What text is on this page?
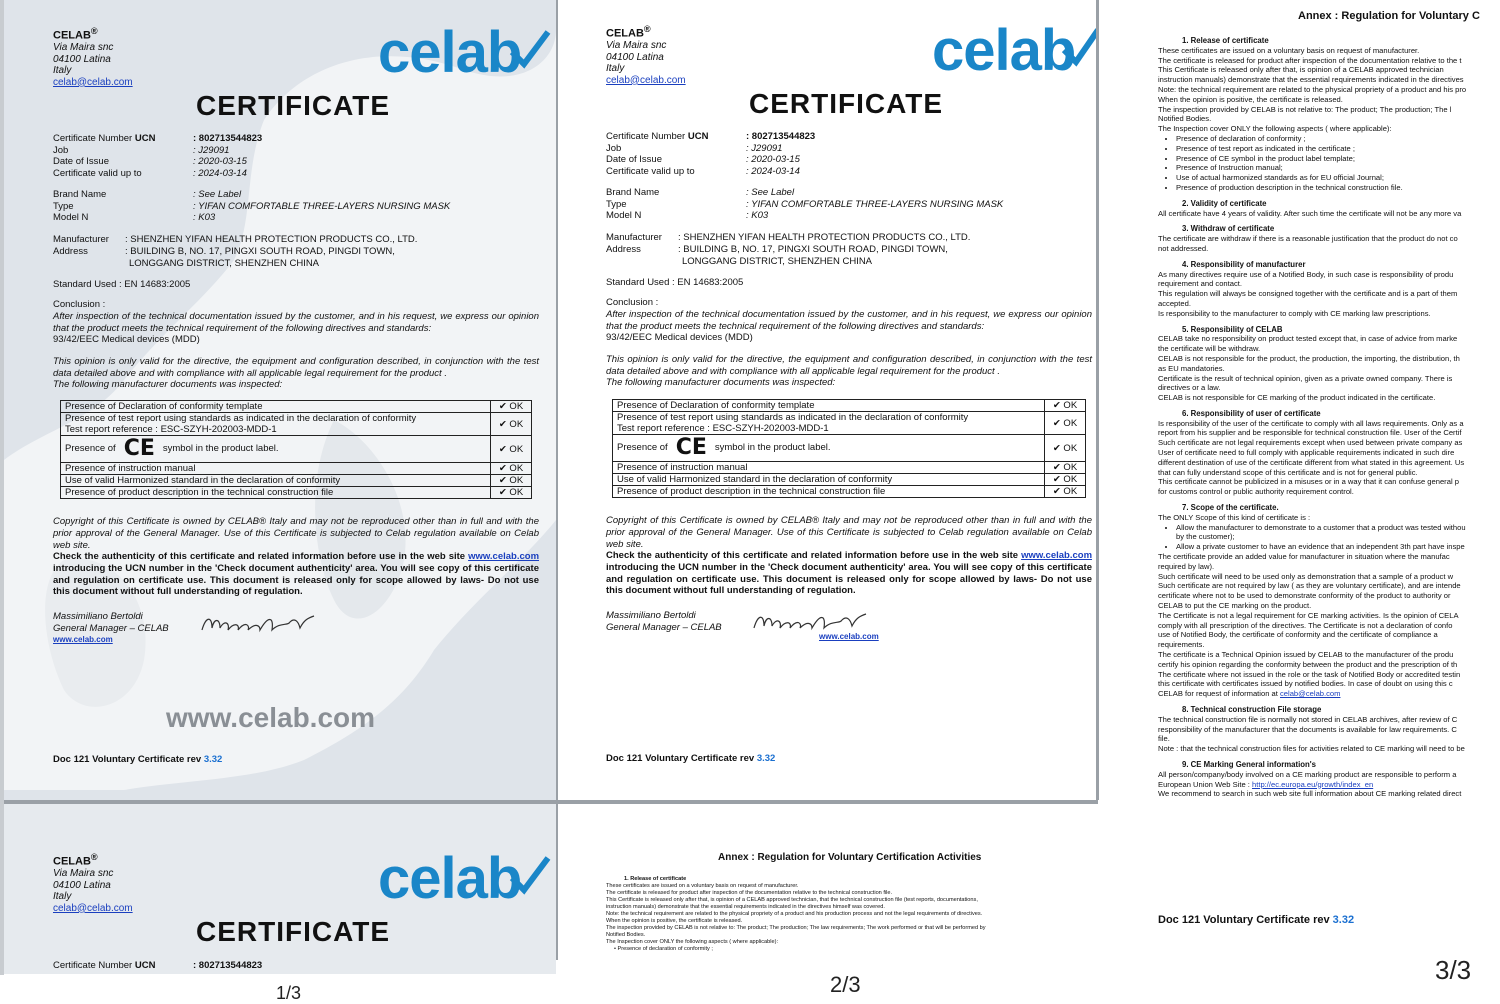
CELAB®
Via Maira snc
04100 Latina
Italy
celab@celab.com	celab
CERTIFICATE
Certificate Number UCN	: 802713544823
Job	: J29091
Date of Issue	: 2020-03-15
Certificate valid up to	: 2024-03-14
Brand Name	: See Label
Type	: YIFAN COMFORTABLE THREE-LAYERS NURSING MASK
Model N	: K03
Manufacturer	: SHENZHEN YIFAN HEALTH PROTECTION PRODUCTS CO., LTD.
Address	: BUILDING B, NO. 17, PINGXI SOUTH ROAD, PINGDI TOWN,
LONGGANG DISTRICT, SHENZHEN CHINA
Standard Used : EN 14683:2005
Conclusion :
After inspection of the technical documentation issued by the customer, and in his request, we express our opinion that the product meets the technical requirement of the following directives and standards:
93/42/EEC Medical devices (MDD)
This opinion is only valid for the directive, the equipment and configuration described, in conjunction with the test data detailed above and with compliance with all applicable legal requirement for the product .
The following manufacturer documents was inspected:
Presence of Declaration of conformity template	✔ OK

Presence of test report using standards as indicated in the declaration of conformity
Test report reference : ESC-SZYH-202003-MDD-1	✔ OK
Presence of CE symbol in the product label.	✔ OK
Presence of instruction manual	✔ OK
Use of valid Harmonized standard in the declaration of conformity	✔ OK
Presence of product description in the technical construction file	✔ OK
Copyright of this Certificate is owned by CELAB® Italy and may not be reproduced other than in full and with the prior approval of the General Manager. Use of this Certificate is subjected to Celab regulation available on Celab web site.
Check the authenticity of this certificate and related information before use in the web site www.celab.com introducing the UCN number in the 'Check document authenticity' area. You will see copy of this certificate and regulation on certificate use. This document is released only for scope allowed by laws- Do not use this document without full understanding of regulation.
Massimiliano Bertoldi
General Manager – CELAB
www.celab.com
www.celab.com
Doc 121 Voluntary Certificate rev 3.32
CELAB®
Via Maira snc
04100 Latina
Italy
celab@celab.com	celab
CERTIFICATE
Certificate Number UCN	: 802713544823
Job	: J29091
Date of Issue	: 2020-03-15
Certificate valid up to	: 2024-03-14
Brand Name	: See Label
Type	: YIFAN COMFORTABLE THREE-LAYERS NURSING MASK
Model N	: K03
Manufacturer	: SHENZHEN YIFAN HEALTH PROTECTION PRODUCTS CO., LTD.
Address	: BUILDING B, NO. 17, PINGXI SOUTH ROAD, PINGDI TOWN,
LONGGANG DISTRICT, SHENZHEN CHINA
Standard Used : EN 14683:2005
Conclusion :
After inspection of the technical documentation issued by the customer, and in his request, we express our opinion that the product meets the technical requirement of the following directives and standards:
93/42/EEC Medical devices (MDD)
This opinion is only valid for the directive, the equipment and configuration described, in conjunction with the test data detailed above and with compliance with all applicable legal requirement for the product .
The following manufacturer documents was inspected:
Presence of Declaration of conformity template	✔ OK

Presence of test report using standards as indicated in the declaration of conformity
Test report reference : ESC-SZYH-202003-MDD-1	✔ OK
Presence of CE symbol in the product label.	✔ OK
Presence of instruction manual	✔ OK
Use of valid Harmonized standard in the declaration of conformity	✔ OK
Presence of product description in the technical construction file	✔ OK
Copyright of this Certificate is owned by CELAB® Italy and may not be reproduced other than in full and with the prior approval of the General Manager. Use of this Certificate is subjected to Celab regulation available on Celab web site.
Check the authenticity of this certificate and related information before use in the web site www.celab.com introducing the UCN number in the 'Check document authenticity' area. You will see copy of this certificate and regulation on certificate use. This document is released only for scope allowed by laws- Do not use this document without full understanding of regulation.
Massimiliano Bertoldi
General Manager – CELAB
www.celab.com
Doc 121 Voluntary Certificate rev 3.32
Annex : Regulation for Voluntary C
1. Release of certificate

These certificates are issued on a voluntary basis on request of manufacturer.

The certificate is released for product after inspection of the documentation relative to the t

This Certificate is released only after that, is opinion of a CELAB approved technician

instruction manuals) demonstrate that the essential requirements indicated in the directives

Note: the technical requirement are related to the physical propriety of a product and his pro

When the opinion is positive, the certificate is released.

The inspection provided by CELAB is not relative to: The product; The production; The l

Notified Bodies.

The Inspection cover ONLY the following aspects ( where applicable):

• Presence of declaration of conformity ;
• Presence of test report as indicated in the certificate ;
• Presence of CE symbol in the product label template;
• Presence of Instruction manual;
• Use of actual harmonized standards as for EU official Journal;
• Presence of production description in the technical construction file.
2. Validity of certificate

All certificate have 4 years of validity. After such time the certificate will not be any more va

3. Withdraw of certificate

The certificate are withdraw if there is a reasonable justification that the product do not co

not addressed.

4. Responsibility of manufacturer

As many directives require use of a Notified Body, in such case is responsibility of produ

requirement and contact.

This regulation will always be consigned together with the certificate and is a part of them

accepted.

Is responsibility to the manufacturer to comply with CE marking law prescriptions.

5. Responsibility of CELAB

CELAB take no responsibility on product tested except that, in case of advice from marke

the certificate will be withdraw.

CELAB is not responsible for the product, the production, the importing, the distribution, th

as EU mandatories.

Certificate is the result of technical opinion, given as a private owned company. There is

directives or a law.

CELAB is not responsible for CE marking of the product indicated in the certificate.

6. Responsibility of user of certificate

Is responsibility of the user of the certificate to comply with all laws requirements. Only as a

report from his supplier and be responsible for technical construction file. User of the Certif

Such certificate are not legal requirements except when used between private company as

User of certificate need to full comply with applicable requirements indicated in such dire

different destination of use of the certificate different from what stated in this agreement. Us

that can fully understand scope of this certificate and is not for general public.

This certificate cannot be publicized in a misuses or in a way that it can confuse general p

for customs control or public authority requirement control.

7. Scope of the certificate.

The ONLY Scope of this kind of certificate is :

• Allow the manufacturer to demonstrate to a customer that a product was tested withou
by the customer);
• Allow a private customer to have an evidence that an independent 3th part have inspe

The certificate provide an added value for manufacturer in situation where the manufac

required by law).

Such certificate will need to be used only as demonstration that a sample of a product w

Such certificate are not required by law ( as they are voluntary certificate), and are intende

certificate where not to be used to demonstrate conformity of the product to authority or

CELAB to put the CE marking on the product.

The Certificate is not a legal requirement for CE marking activities. Is the opinion of CELA

comply with all prescription of the directives. The Certificate is not a declaration of confo

use of Notified Body, the certificate of conformity and the certificate of compliance a

requirements.

The certificate is a Technical Opinion issued by CELAB to the manufacturer of the produ

certify his opinion regarding the conformity between the product and the prescription of th

The certificate where not issued in the role or the task of Notified Body or accredited testin

this certificate with certificates issued by notified bodies. In case of doubt on using this c

CELAB for request of information at celab@celab.com

8. Technical construction File storage

The technical construction file is normally not stored in CELAB archives, after review of C

responsibility of the manufacturer that the documents is available for law requirements. C

file.

Note : that the technical construction files for activities related to CE marking will need to be

9. CE Marking General information's

All person/company/body involved on a CE marking product are responsible to perform a

European Union Web Site : http://ec.europa.eu/growth/index_en

We recommend to search in such web site full information about CE marking related direct

Doc 121 Voluntary Certificate rev 3.32
CELAB®
Via Maira snc
04100 Latina
Italy
celab@celab.com	celab
CERTIFICATE
Certificate Number UCN	: 802713544823
Annex : Regulation for Voluntary Certification Activities

1. Release of certificate

These certificates are issued on a voluntary basis on request of manufacturer.

The certificate is released for product after inspection of the documentation relative to the technical construction file.

This Certificate is released only after that, is opinion of a CELAB approved technician, that the technical construction file (test reports, documentations,

instruction manuals) demonstrate that the essential requirements indicated in the directives himself was covered.

Note: the technical requirement are related to the physical propriety of a product and his production process and not the legal requirements of directives.

When the opinion is positive, the certificate is released.

The inspection provided by CELAB is not relative to: The product; The production; The law requirements; The work performed or that will be performed by

Notified Bodies.

The Inspection cover ONLY the following aspects ( where applicable):

• Presence of declaration of conformity ;

1/3	2/3	3/3
